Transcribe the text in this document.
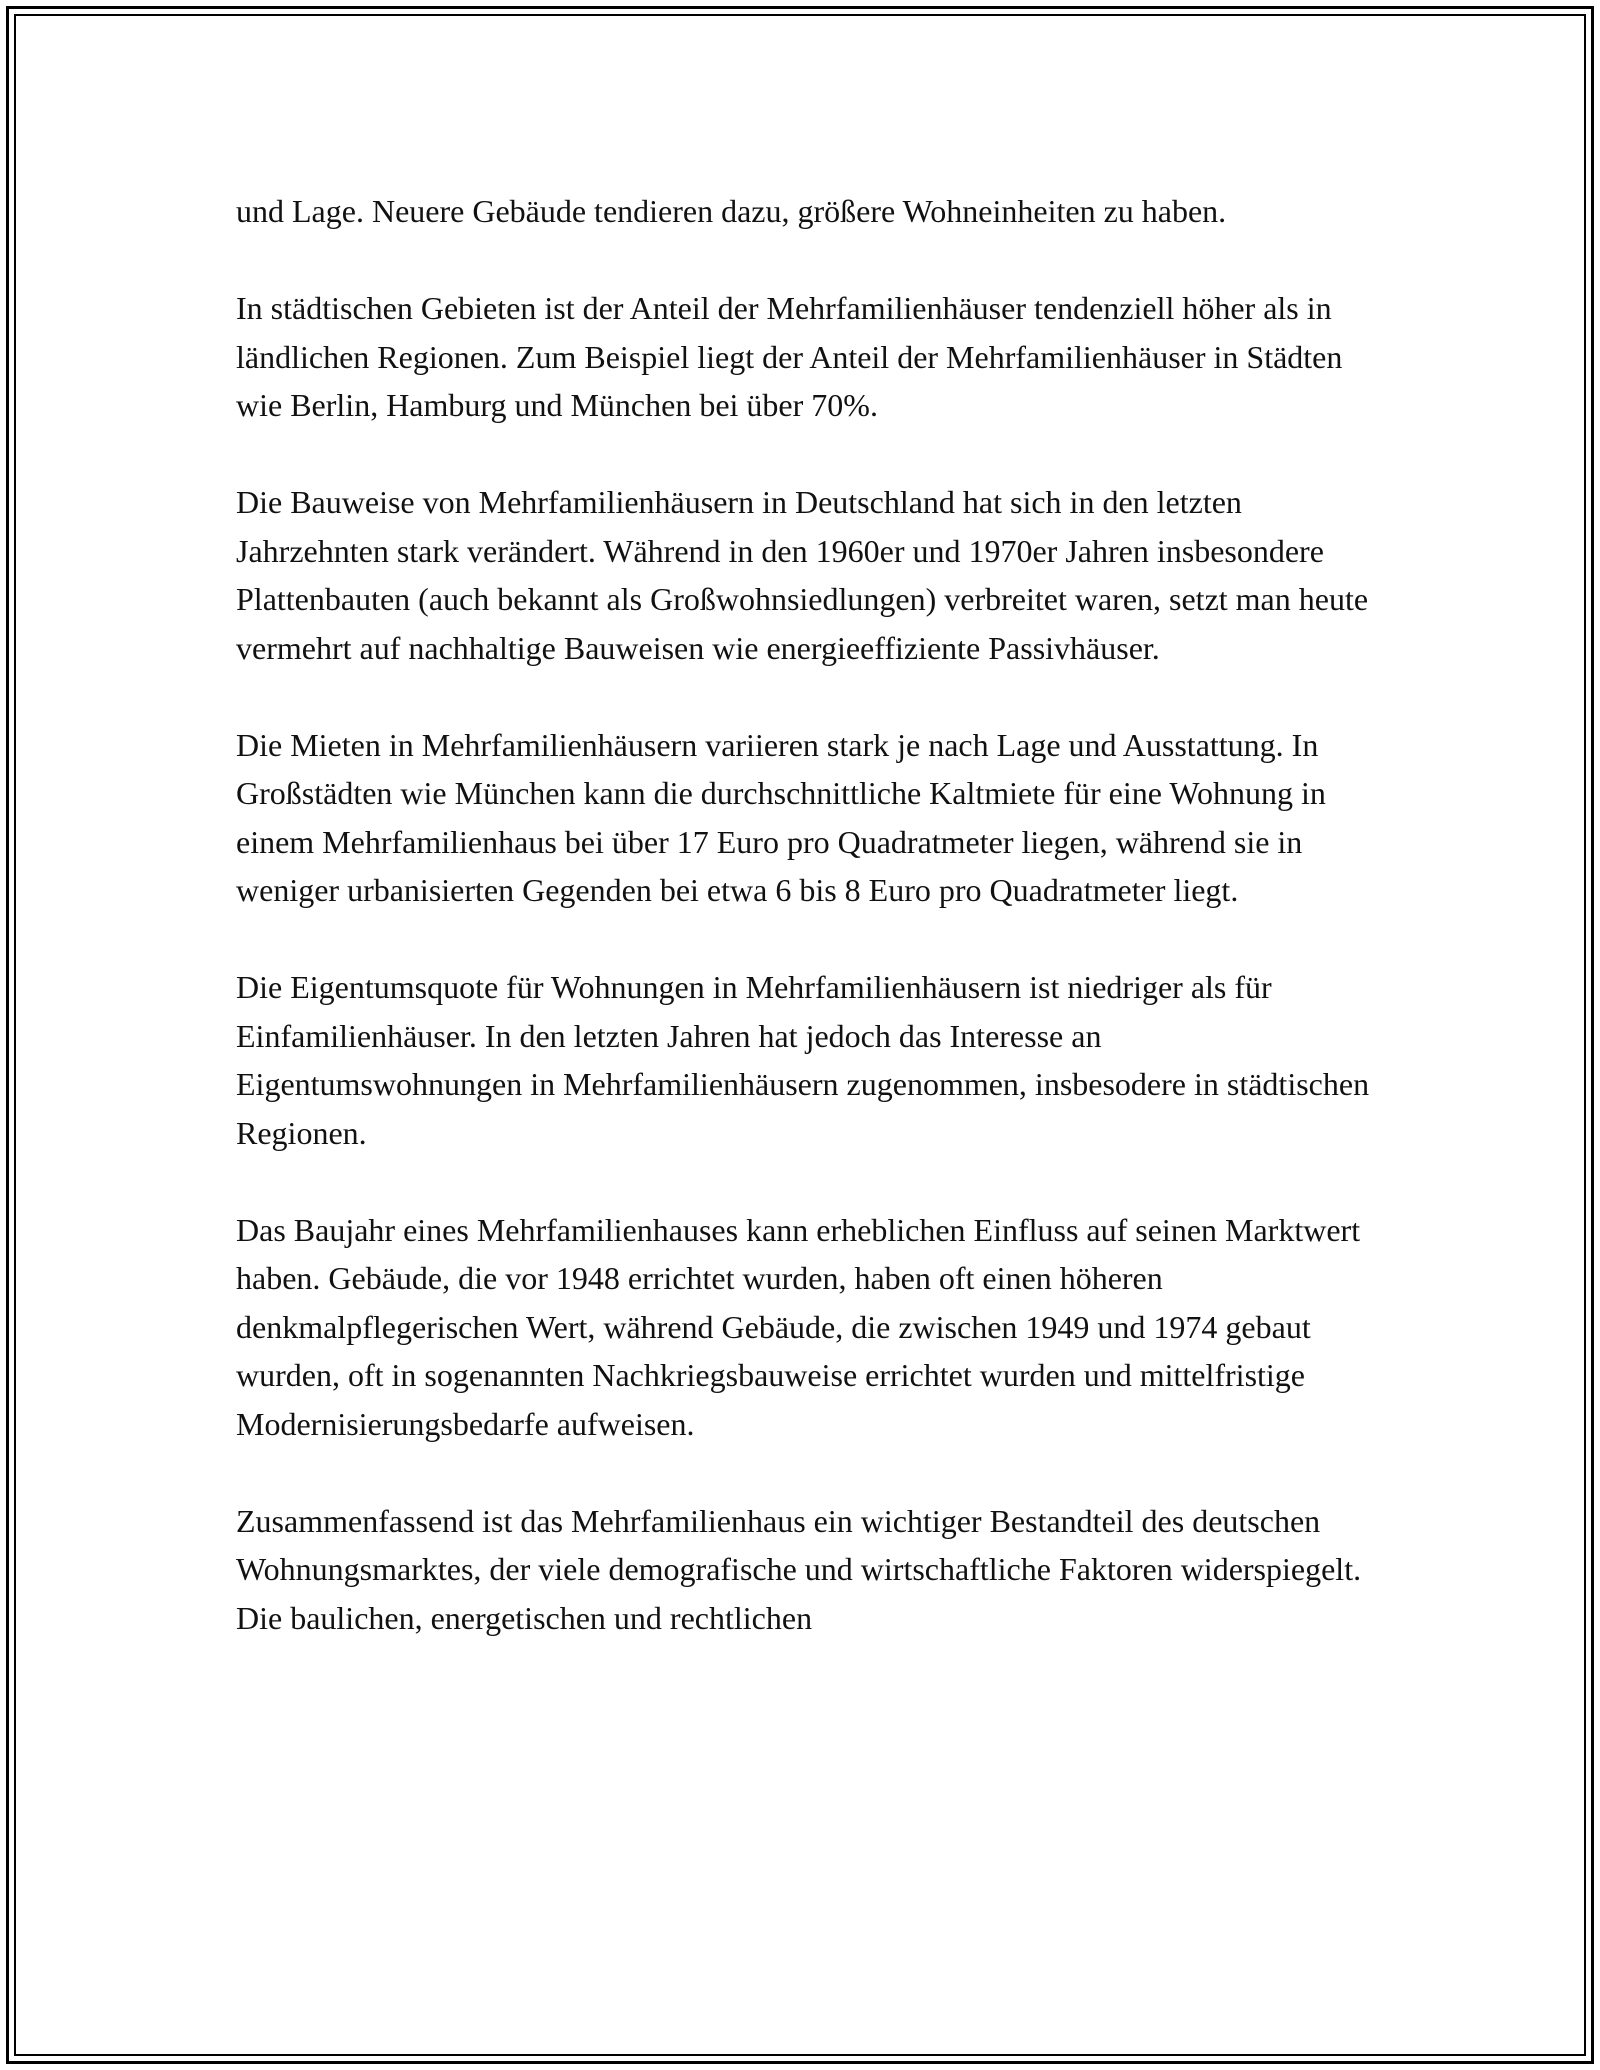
und Lage. Neuere Gebäude tendieren dazu, größere Wohneinheiten zu haben.

In städtischen Gebieten ist der Anteil der Mehrfamilienhäuser tendenziell höher als in ländlichen Regionen. Zum Beispiel liegt der Anteil der Mehrfamilienhäuser in Städten wie Berlin, Hamburg und München bei über 70%.

Die Bauweise von Mehrfamilienhäusern in Deutschland hat sich in den letzten Jahrzehnten stark verändert. Während in den 1960er und 1970er Jahren insbesondere Plattenbauten (auch bekannt als Großwohnsiedlungen) verbreitet waren, setzt man heute vermehrt auf nachhaltige Bauweisen wie energieeffiziente Passivhäuser.

Die Mieten in Mehrfamilienhäusern variieren stark je nach Lage und Ausstattung. In Großstädten wie München kann die durchschnittliche Kaltmiete für eine Wohnung in einem Mehrfamilienhaus bei über 17 Euro pro Quadratmeter liegen, während sie in weniger urbanisierten Gegenden bei etwa 6 bis 8 Euro pro Quadratmeter liegt.

Die Eigentumsquote für Wohnungen in Mehrfamilienhäusern ist niedriger als für Einfamilienhäuser. In den letzten Jahren hat jedoch das Interesse an Eigentumswohnungen in Mehrfamilienhäusern zugenommen, insbesodere in städtischen Regionen.

Das Baujahr eines Mehrfamilienhauses kann erheblichen Einfluss auf seinen Marktwert haben. Gebäude, die vor 1948 errichtet wurden, haben oft einen höheren denkmalpflegerischen Wert, während Gebäude, die zwischen 1949 und 1974 gebaut wurden, oft in sogenannten Nachkriegsbauweise errichtet wurden und mittelfristige Modernisierungsbedarfe aufweisen.

Zusammenfassend ist das Mehrfamilienhaus ein wichtiger Bestandteil des deutschen Wohnungsmarktes, der viele demografische und wirtschaftliche Faktoren widerspiegelt. Die baulichen, energetischen und rechtlichen
